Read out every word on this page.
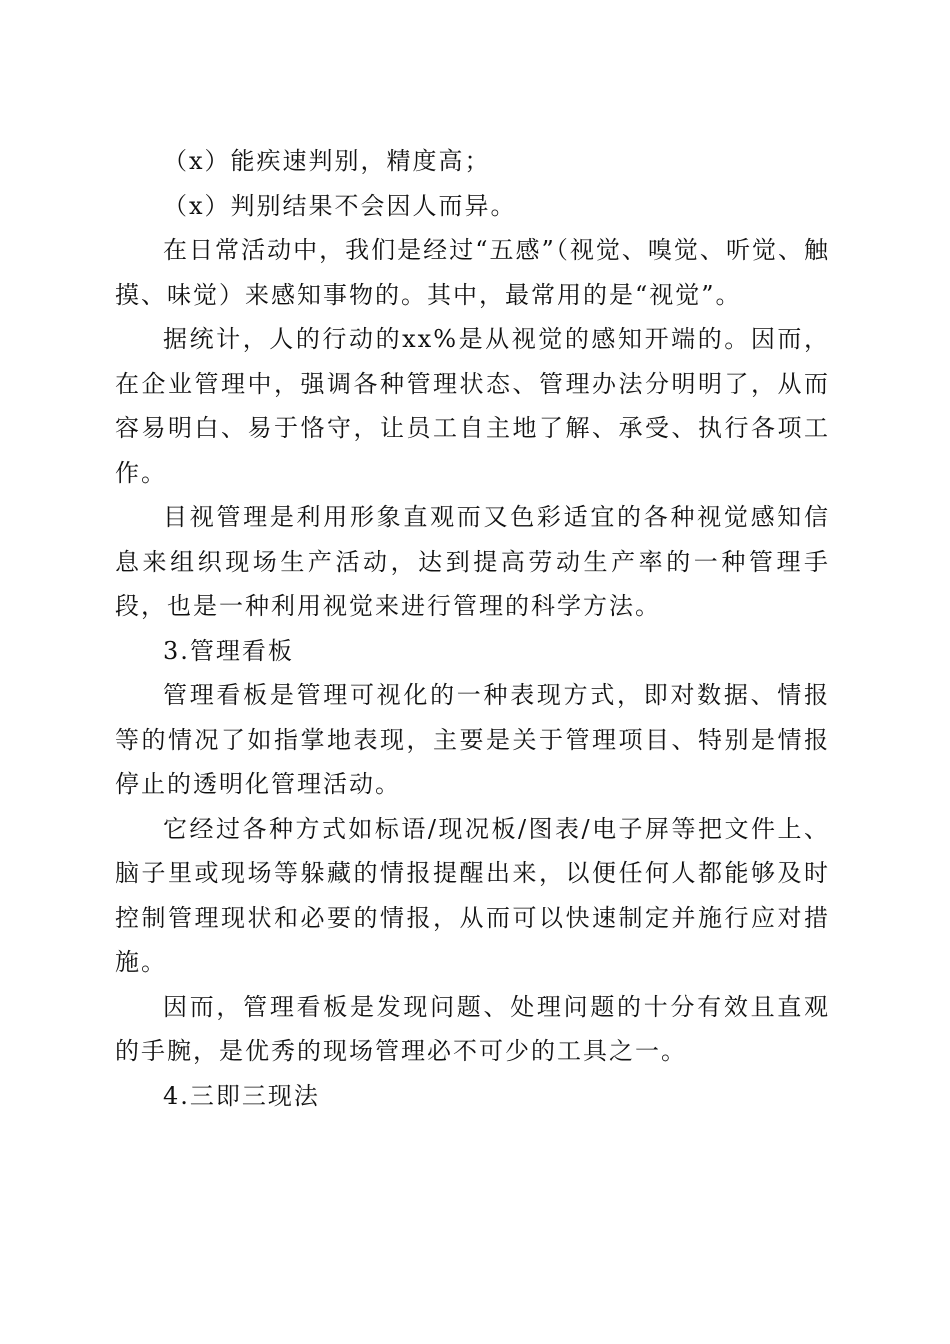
（x）能疾速判别，精度高；

（x）判别结果不会因人而异。

在日常活动中，我们是经过“五感”（视觉、嗅觉、听觉、触摸、味觉）来感知事物的。其中，最常用的是“视觉”。

据统计，人的行动的xx%是从视觉的感知开端的。因而，在企业管理中，强调各种管理状态、管理办法分明明了，从而容易明白、易于恪守，让员工自主地了解、承受、执行各项工作。

目视管理是利用形象直观而又色彩适宜的各种视觉感知信息来组织现场生产活动，达到提高劳动生产率的一种管理手段，也是一种利用视觉来进行管理的科学方法。

3.管理看板

管理看板是管理可视化的一种表现方式，即对数据、情报等的情况了如指掌地表现，主要是关于管理项目、特别是情报停止的透明化管理活动。

它经过各种方式如标语/现况板/图表/电子屏等把文件上、脑子里或现场等躲藏的情报提醒出来，以便任何人都能够及时控制管理现状和必要的情报，从而可以快速制定并施行应对措施。

因而，管理看板是发现问题、处理问题的十分有效且直观的手腕，是优秀的现场管理必不可少的工具之一。

4.三即三现法
